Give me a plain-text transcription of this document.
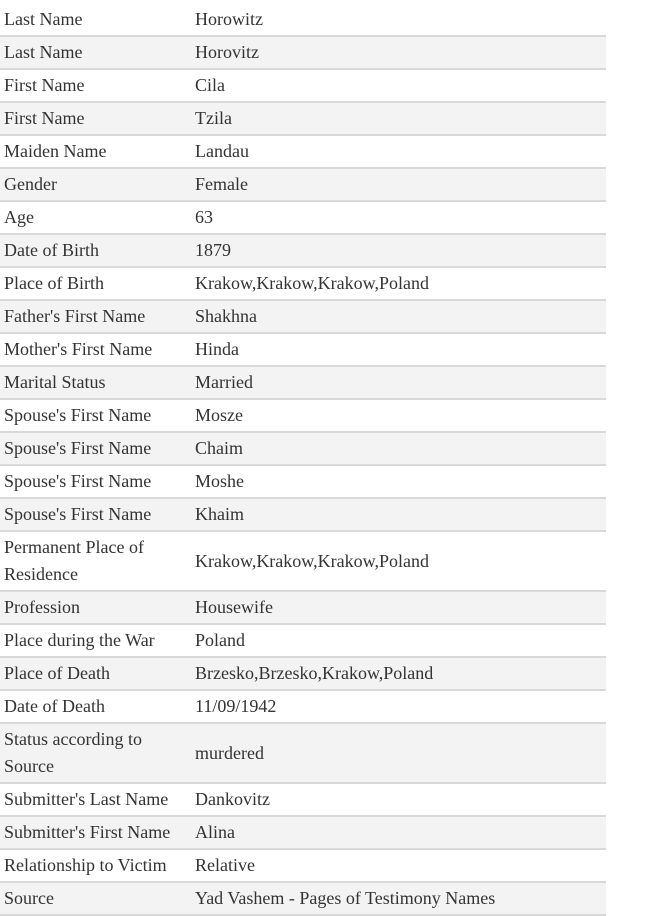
Last Name	Horowitz
Last Name	Horovitz
First Name	Cila
First Name	Tzila
Maiden Name	Landau
Gender	Female
Age	63
Date of Birth	1879
Place of Birth	Krakow,Krakow,Krakow,Poland
Father's First Name	Shakhna
Mother's First Name	Hinda
Marital Status	Married
Spouse's First Name	Mosze
Spouse's First Name	Chaim
Spouse's First Name	Moshe
Spouse's First Name	Khaim
Permanent Place of Residence	Krakow,Krakow,Krakow,Poland
Profession	Housewife
Place during the War	Poland
Place of Death	Brzesko,Brzesko,Krakow,Poland
Date of Death	11/09/1942
Status according to Source	murdered
Submitter's Last Name	Dankovitz
Submitter's First Name	Alina
Relationship to Victim	Relative
Source	Yad Vashem - Pages of Testimony Names
